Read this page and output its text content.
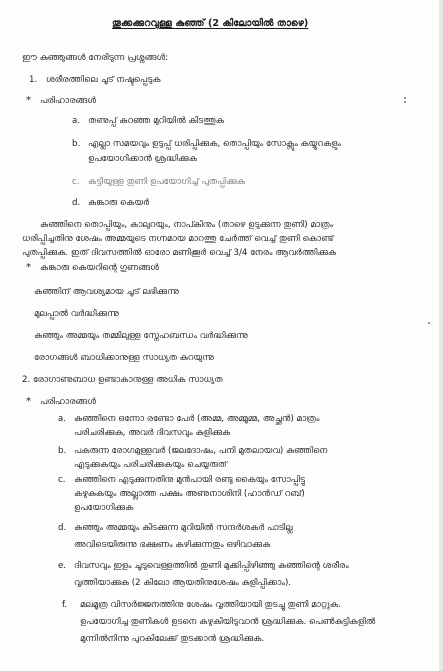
തൂക്കക്കുറവുള്ള കുഞ്ഞ് (2 കിലോയിൽ താഴെ)
ഈ കുഞ്ഞുങ്ങൾ നേരിടുന്ന പ്രശ്നങ്ങൾ:
1. ശരീരത്തിലെ ചൂട് നഷ്ടപ്പെടുക
* പരിഹാരങ്ങൾ
a. തണുപ്പ് കുറഞ്ഞ മുറിയിൽ കിടത്തുക
b. എല്ലാ സമയവും ഉടുപ്പ് ധരിപ്പിക്കുക, തൊപ്പിയും സോക്സും കയ്യുറകളും
ഉപയോഗിക്കാൻ ശ്രദ്ധിക്കുക
c. കട്ടിയുള്ള തുണി ഉപയോഗിച്ച് പുതപ്പിക്കുക
d. കങ്കാരു കെയർ
കുഞ്ഞിനെ തൊപ്പിയും, കാലുറയും, നാപ്കിനും (താഴെ ഉടുക്കുന്ന തുണി) മാത്രം
ധരിപ്പിച്ചതിനു ശേഷം അമ്മയുടെ നഗ്നമായ മാറത്തു ചേർത്ത് വെച്ച് തുണി കൊണ്ട്
പുതപ്പിക്കുക. ഇത് ദിവസത്തിൽ ഓരോ മണിക്കൂർ വെച്ച് 3/4 നേരം ആവർത്തിക്കുക
* കങ്കാരു കെയറിന്റെ ഗുണങ്ങൾ
കുഞ്ഞിന് ആവശ്യമായ ചൂട് ലഭിക്കുന്നു
മുലപ്പാൽ വർദ്ധിക്കുന്നു
കുഞ്ഞും അമ്മയും തമ്മിലുള്ള സ്നേഹബന്ധം വർദ്ധിക്കുന്നു
രോഗങ്ങൾ ബാധിക്കാനുള്ള സാധ്യത കുറയുന്നു
2. രോഗാണുബാധ ഉണ്ടാകാനുള്ള അധിക സാധ്യത
* പരിഹാരങ്ങൾ
a. കുഞ്ഞിനെ ഒന്നോ രണ്ടോ പേർ (അമ്മ, അമ്മൂമ്മ, അച്ഛൻ) മാത്രം
പരിചരിക്കുക, അവർ ദിവസവും കുളിക്കുക
b. പകരുന്ന രോഗമുള്ളവർ (ജലദോഷം, പനി മുതലായവ) കുഞ്ഞിനെ
എടുക്കുകയും പരിചരിക്കുകയും ചെയ്യരുത്
c. കുഞ്ഞിനെ എടുക്കുന്നതിനു മുൻപായി രണ്ടു കൈയും സോപ്പിട്ടു
കഴുകുകയും അല്ലാത്ത പക്ഷം അണുനാശിനി (ഹാൻഡ് റബ്)
ഉപയോഗിക്കുക
d. കുഞ്ഞും അമ്മയും കിടക്കുന്ന മുറിയിൽ സന്ദർശകർ പാടില്ല
അവിടെയിരുന്നു ഭക്ഷണം കഴിക്കുന്നതും ഒഴിവാക്കുക
e. ദിവസവും ഇളം ചൂടുവെള്ളത്തിൽ തുണി മുക്കിപ്പിഴിഞ്ഞു കുഞ്ഞിന്റെ ശരീരം
വൃത്തിയാക്കുക (2 കിലോ ആയതിനുശേഷം കുളിപ്പിക്കാം).
f. മലമൂത്ര വിസർജ്ജനത്തിനു ശേഷം വൃത്തിയായി തുടച്ചു തുണി മാറ്റുക.
ഉപയോഗിച്ച തുണികൾ ഉടനെ കഴുകിയിടുവാൻ ശ്രദ്ധിക്കുക. പെൺകുട്ടികളിൽ
മുന്നിൽനിന്നു പുറകിലേക്ക് തുടക്കാൻ ശ്രദ്ധിക്കുക.
